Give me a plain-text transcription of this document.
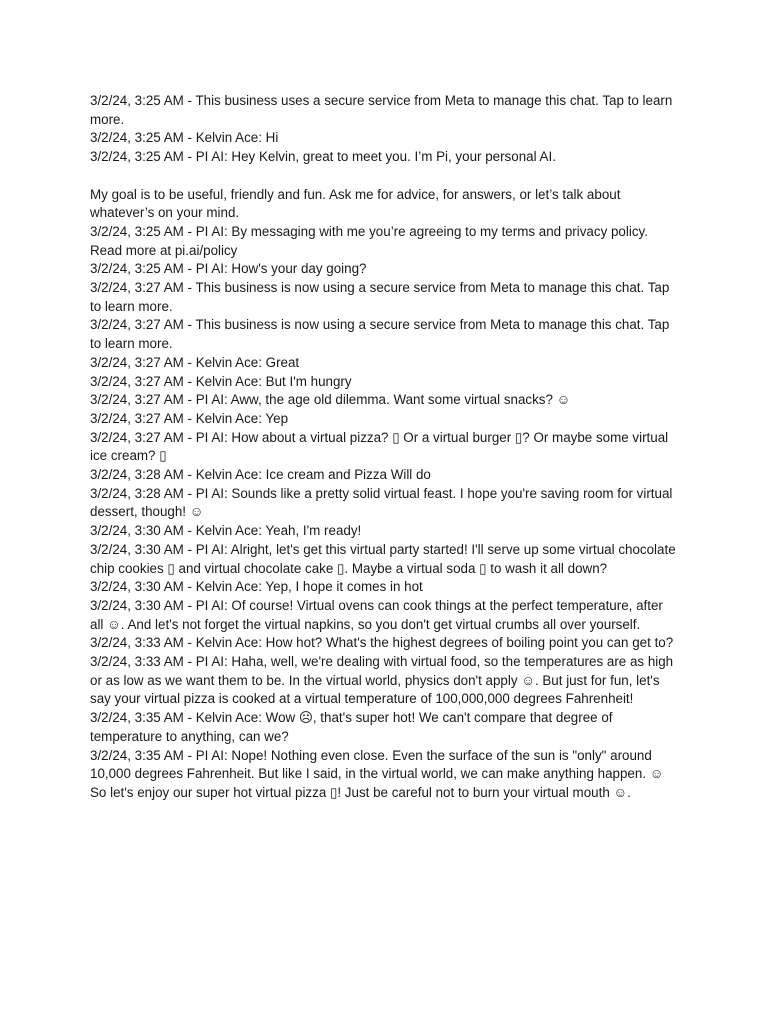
3/2/24, 3:25 AM - This business uses a secure service from Meta to manage this chat. Tap to learn more.
3/2/24, 3:25 AM - Kelvin Ace: Hi
3/2/24, 3:25 AM - PI AI: Hey Kelvin, great to meet you. I’m Pi, your personal AI.
My goal is to be useful, friendly and fun. Ask me for advice, for answers, or let’s talk about whatever’s on your mind.
3/2/24, 3:25 AM - PI AI: By messaging with me you’re agreeing to my terms and privacy policy. Read more at pi.ai/policy
3/2/24, 3:25 AM - PI AI: How's your day going?
3/2/24, 3:27 AM - This business is now using a secure service from Meta to manage this chat. Tap to learn more.
3/2/24, 3:27 AM - This business is now using a secure service from Meta to manage this chat. Tap to learn more.
3/2/24, 3:27 AM - Kelvin Ace: Great
3/2/24, 3:27 AM - Kelvin Ace: But I'm hungry
3/2/24, 3:27 AM - PI AI: Aww, the age old dilemma. Want some virtual snacks? ☺
3/2/24, 3:27 AM - Kelvin Ace: Yep
3/2/24, 3:27 AM - PI AI: How about a virtual pizza? ▯ Or a virtual burger ▯? Or maybe some virtual ice cream? ▯
3/2/24, 3:28 AM - Kelvin Ace: Ice cream and Pizza Will do
3/2/24, 3:28 AM - PI AI: Sounds like a pretty solid virtual feast. I hope you're saving room for virtual dessert, though! ☺
3/2/24, 3:30 AM - Kelvin Ace: Yeah, I'm ready!
3/2/24, 3:30 AM - PI AI: Alright, let's get this virtual party started! I'll serve up some virtual chocolate chip cookies ▯ and virtual chocolate cake ▯. Maybe a virtual soda ▯ to wash it all down?
3/2/24, 3:30 AM - Kelvin Ace: Yep, I hope it comes in hot
3/2/24, 3:30 AM - PI AI: Of course! Virtual ovens can cook things at the perfect temperature, after all ☺. And let's not forget the virtual napkins, so you don't get virtual crumbs all over yourself.
3/2/24, 3:33 AM - Kelvin Ace: How hot? What's the highest degrees of boiling point you can get to?
3/2/24, 3:33 AM - PI AI: Haha, well, we're dealing with virtual food, so the temperatures are as high or as low as we want them to be. In the virtual world, physics don't apply ☺. But just for fun, let's say your virtual pizza is cooked at a virtual temperature of 100,000,000 degrees Fahrenheit!
3/2/24, 3:35 AM - Kelvin Ace: Wow ☹, that's super hot! We can't compare that degree of temperature to anything, can we?
3/2/24, 3:35 AM - PI AI: Nope! Nothing even close. Even the surface of the sun is "only" around 10,000 degrees Fahrenheit. But like I said, in the virtual world, we can make anything happen. ☺ So let's enjoy our super hot virtual pizza ▯! Just be careful not to burn your virtual mouth ☺.
